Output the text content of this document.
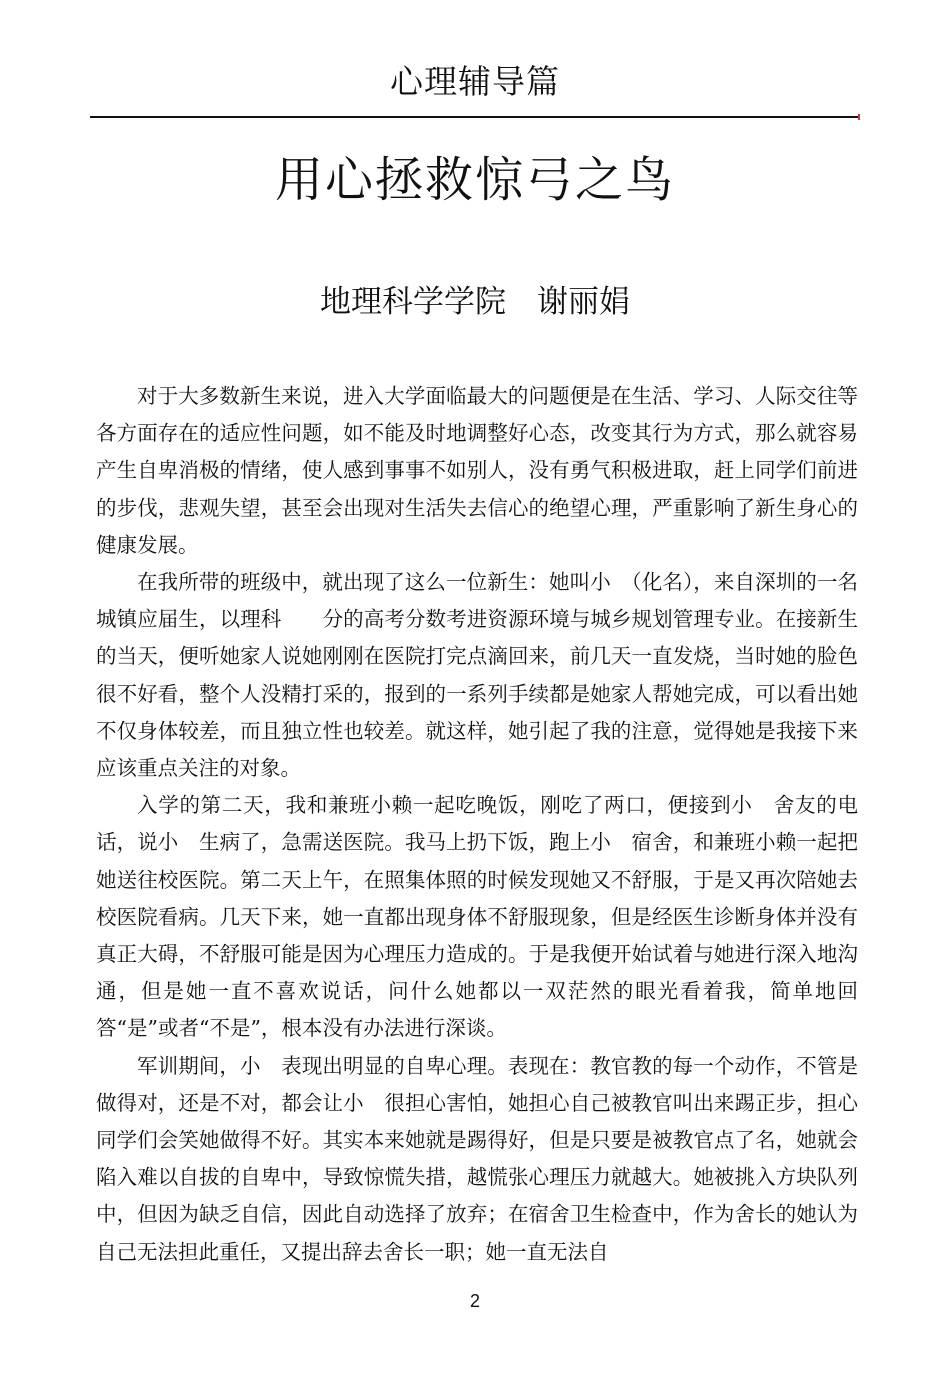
心理辅导篇
用心拯救惊弓之鸟
地理科学学院　谢丽娟

对于大多数新生来说，进入大学面临最大的问题便是在生活、学习、人际交往等各方面存在的适应性问题，如不能及时地调整好心态，改变其行为方式，那么就容易产生自卑消极的情绪，使人感到事事不如别人，没有勇气积极进取，赶上同学们前进的步伐，悲观失望，甚至会出现对生活失去信心的绝望心理，严重影响了新生身心的健康发展。

在我所带的班级中，就出现了这么一位新生：她叫小　（化名），来自深圳的一名城镇应届生，以理科　　分的高考分数考进资源环境与城乡规划管理专业。在接新生的当天，便听她家人说她刚刚在医院打完点滴回来，前几天一直发烧，当时她的脸色很不好看，整个人没精打采的，报到的一系列手续都是她家人帮她完成，可以看出她不仅身体较差，而且独立性也较差。就这样，她引起了我的注意，觉得她是我接下来应该重点关注的对象。

入学的第二天，我和兼班小赖一起吃晚饭，刚吃了两口，便接到小　舍友的电话，说小　生病了，急需送医院。我马上扔下饭，跑上小　宿舍，和兼班小赖一起把她送往校医院。第二天上午，在照集体照的时候发现她又不舒服，于是又再次陪她去校医院看病。几天下来，她一直都出现身体不舒服现象，但是经医生诊断身体并没有真正大碍，不舒服可能是因为心理压力造成的。于是我便开始试着与她进行深入地沟通，但是她一直不喜欢说话，问什么她都以一双茫然的眼光看着我，简单地回答“是”或者“不是”，根本没有办法进行深谈。

军训期间，小　表现出明显的自卑心理。表现在：教官教的每一个动作，不管是做得对，还是不对，都会让小　很担心害怕，她担心自己被教官叫出来踢正步，担心同学们会笑她做得不好。其实本来她就是踢得好，但是只要是被教官点了名，她就会陷入难以自拔的自卑中，导致惊慌失措，越慌张心理压力就越大。她被挑入方块队列中，但因为缺乏自信，因此自动选择了放弃；在宿舍卫生检查中，作为舍长的她认为自己无法担此重任，又提出辞去舍长一职；她一直无法自

2
